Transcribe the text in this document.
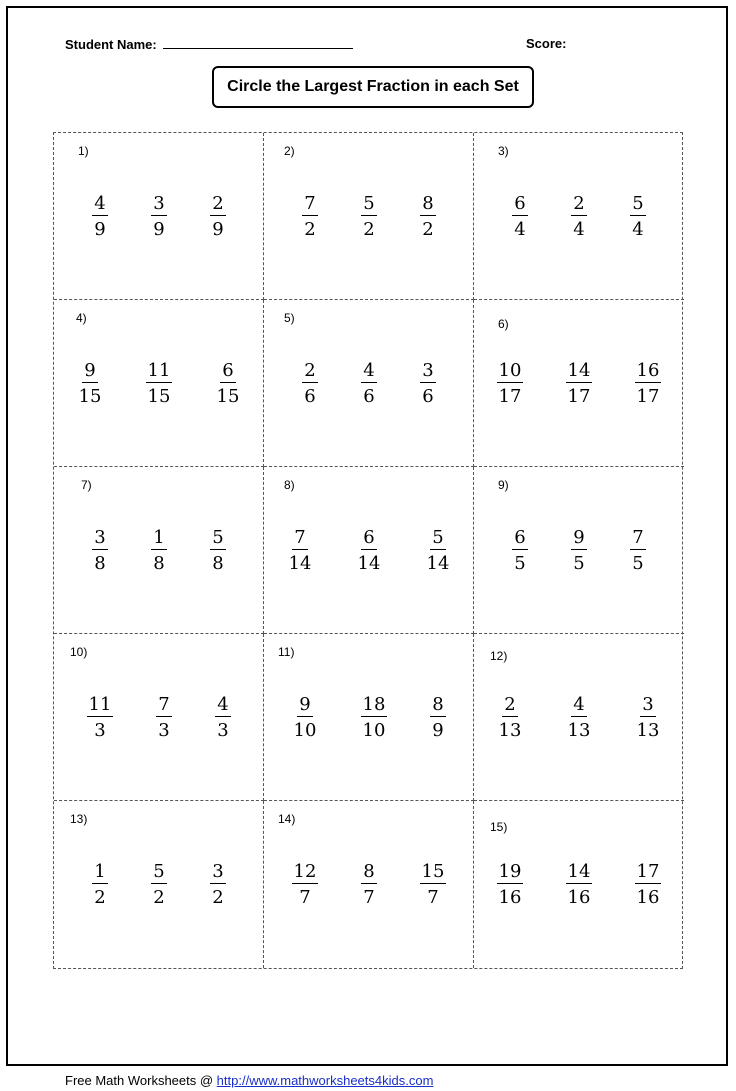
Student Name:	Score:
Circle the Largest Fraction in each Set
1)
$\frac{4}{9} \frac{3}{9} \frac{2}{9}$
2)
$\frac{7}{2} \frac{5}{2} \frac{8}{2}$
3)
$\frac{6}{4} \frac{2}{4} \frac{5}{4}$
4)
$\frac{9}{15} \frac{11}{15} \frac{6}{15}$
5)
$\frac{2}{6} \frac{4}{6} \frac{3}{6}$
6)
$\frac{10}{17} \frac{14}{17} \frac{16}{17}$
7)
$\frac{3}{8} \frac{1}{8} \frac{5}{8}$
8)
$\frac{7}{14} \frac{6}{14} \frac{5}{14}$
9)
$\frac{6}{5} \frac{9}{5} \frac{7}{5}$
10)
$\frac{11}{3} \frac{7}{3} \frac{4}{3}$
11)
$\frac{9}{10} \frac{18}{10} \frac{8}{9}$
12)
$\frac{2}{13} \frac{4}{13} \frac{3}{13}$
13)
$\frac{1}{2} \frac{5}{2} \frac{3}{2}$
14)
$\frac{12}{7} \frac{8}{7} \frac{15}{7}$
15)
$\frac{19}{16} \frac{14}{16} \frac{17}{16}$
Free Math Worksheets @ http://www.mathworksheets4kids.com
